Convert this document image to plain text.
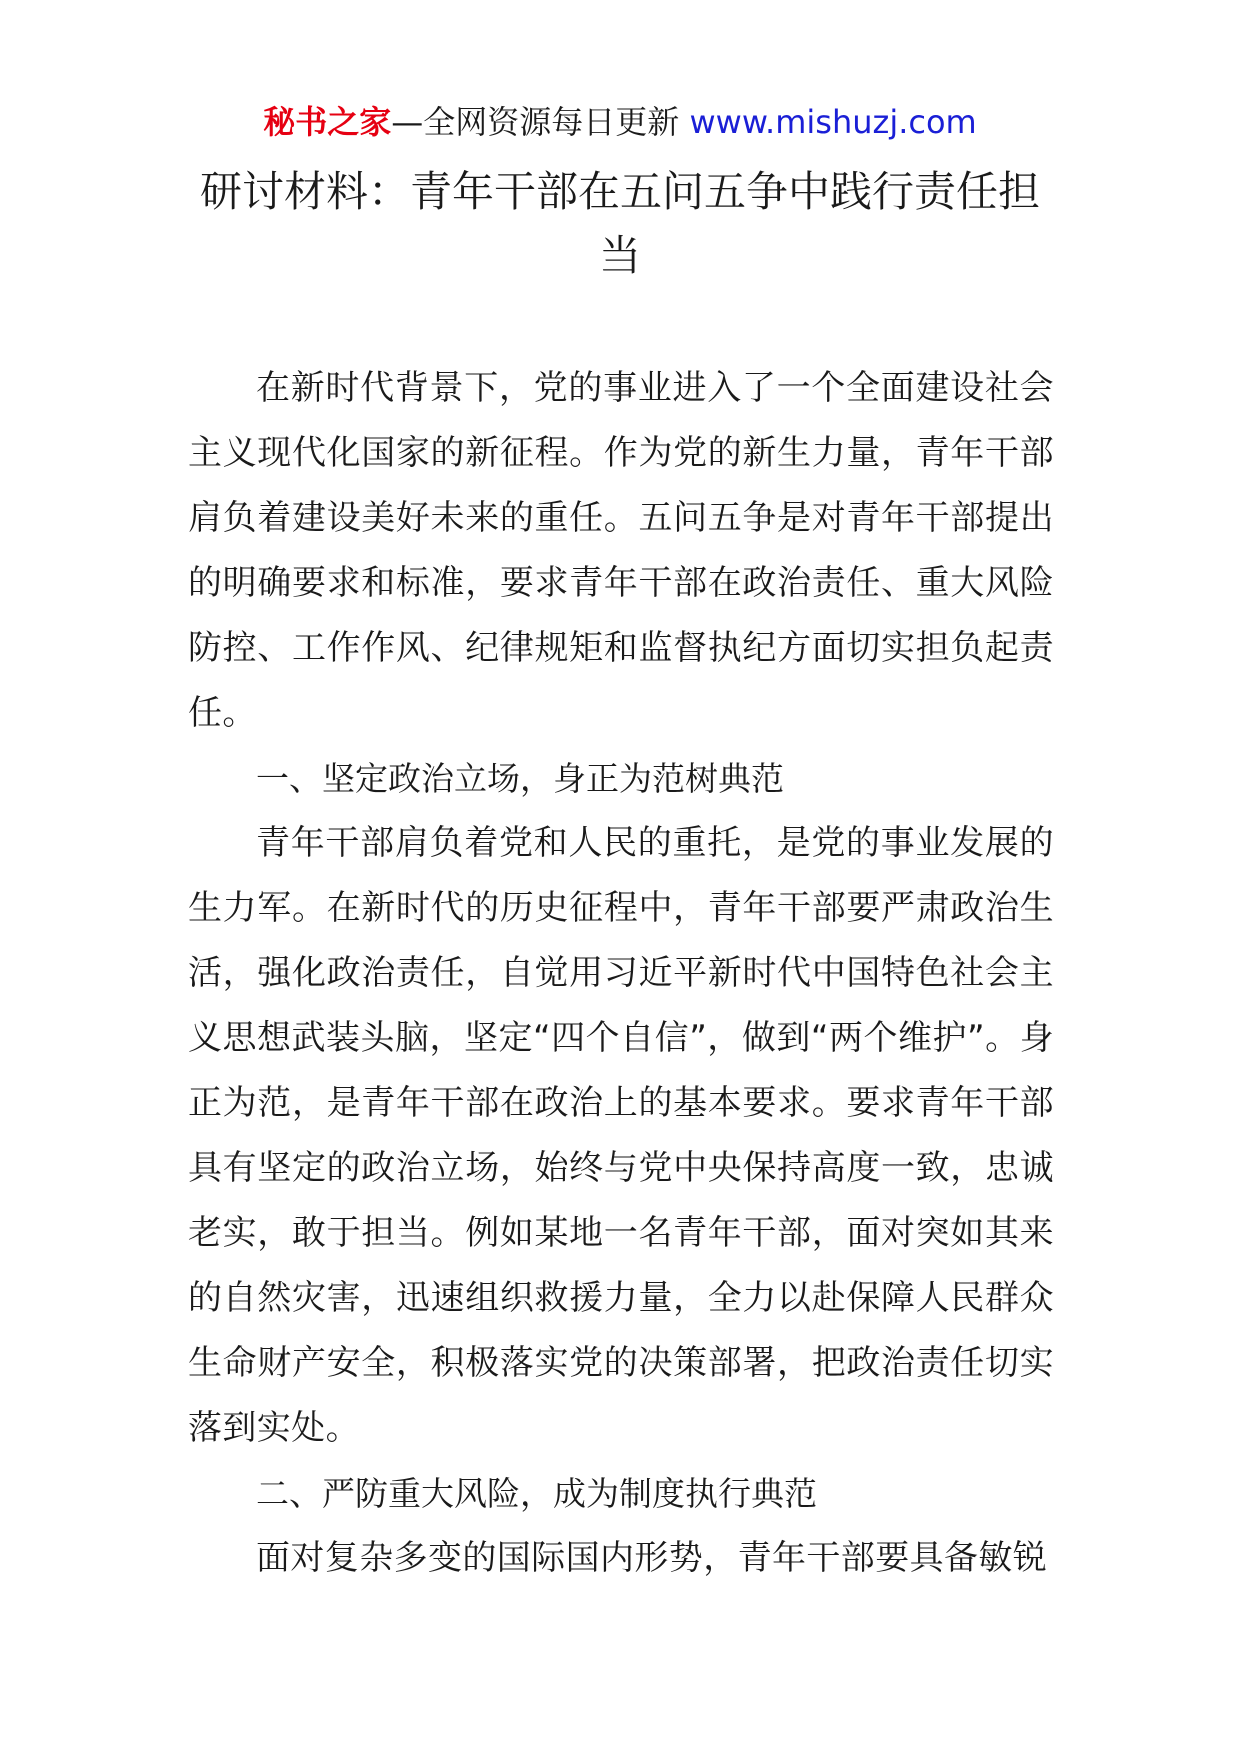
秘书之家—全网资源每日更新 www.mishuzj.com
研讨材料：青年干部在五问五争中践行责任担当

在新时代背景下，党的事业进入了一个全面建设社会主义现代化国家的新征程。作为党的新生力量，青年干部肩负着建设美好未来的重任。五问五争是对青年干部提出的明确要求和标准，要求青年干部在政治责任、重大风险防控、工作作风、纪律规矩和监督执纪方面切实担负起责任。

一、坚定政治立场，身正为范树典范

青年干部肩负着党和人民的重托，是党的事业发展的生力军。在新时代的历史征程中，青年干部要严肃政治生活，强化政治责任，自觉用习近平新时代中国特色社会主义思想武装头脑，坚定“四个自信”，做到“两个维护”。身正为范，是青年干部在政治上的基本要求。要求青年干部具有坚定的政治立场，始终与党中央保持高度一致，忠诚老实，敢于担当。例如某地一名青年干部，面对突如其来的自然灾害，迅速组织救援力量，全力以赴保障人民群众生命财产安全，积极落实党的决策部署，把政治责任切实落到实处。

二、严防重大风险，成为制度执行典范

面对复杂多变的国际国内形势，青年干部要具备敏锐
